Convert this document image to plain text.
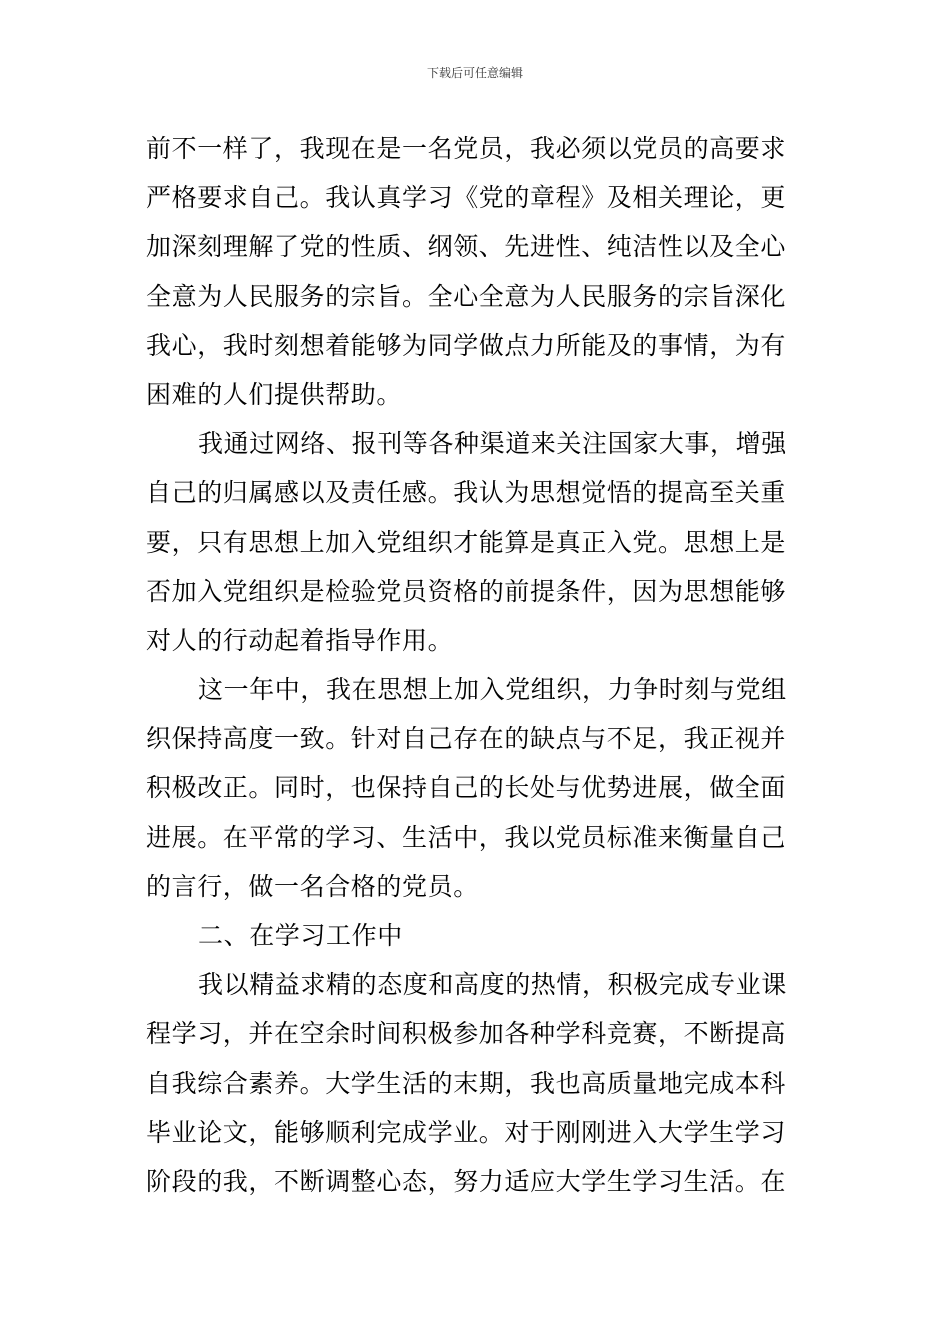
下载后可任意编辑
前不一样了，我现在是一名党员，我必须以党员的高要求
严格要求自己。我认真学习《党的章程》及相关理论，更
加深刻理解了党的性质、纲领、先进性、纯洁性以及全心
全意为人民服务的宗旨。全心全意为人民服务的宗旨深化
我心，我时刻想着能够为同学做点力所能及的事情，为有
困难的人们提供帮助。
我通过网络、报刊等各种渠道来关注国家大事，增强
自己的归属感以及责任感。我认为思想觉悟的提高至关重
要，只有思想上加入党组织才能算是真正入党。思想上是
否加入党组织是检验党员资格的前提条件，因为思想能够
对人的行动起着指导作用。
这一年中，我在思想上加入党组织，力争时刻与党组
织保持高度一致。针对自己存在的缺点与不足，我正视并
积极改正。同时，也保持自己的长处与优势进展，做全面
进展。在平常的学习、生活中，我以党员标准来衡量自己
的言行，做一名合格的党员。
二、在学习工作中
我以精益求精的态度和高度的热情，积极完成专业课
程学习，并在空余时间积极参加各种学科竞赛，不断提高
自我综合素养。大学生活的末期，我也高质量地完成本科
毕业论文，能够顺利完成学业。对于刚刚进入大学生学习
阶段的我，不断调整心态，努力适应大学生学习生活。在
